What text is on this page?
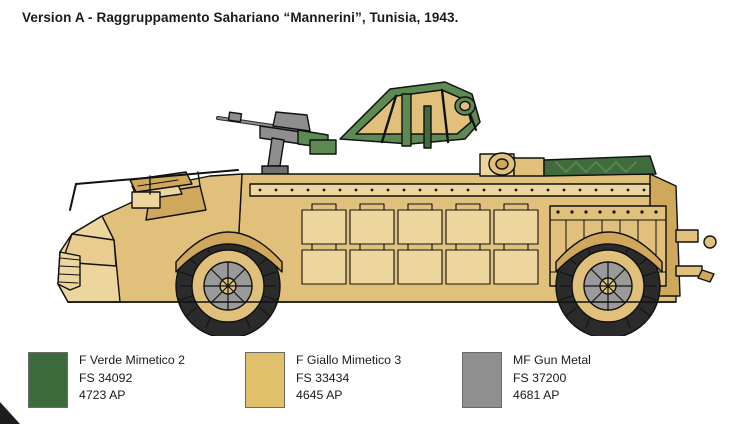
Version A - Raggruppamento Sahariano “Mannerini”, Tunisia, 1943.
F Verde Mimetico 2
FS 34092
4723 AP
F Giallo Mimetico 3
FS 33434
4645 AP
MF Gun Metal
FS 37200
4681 AP
